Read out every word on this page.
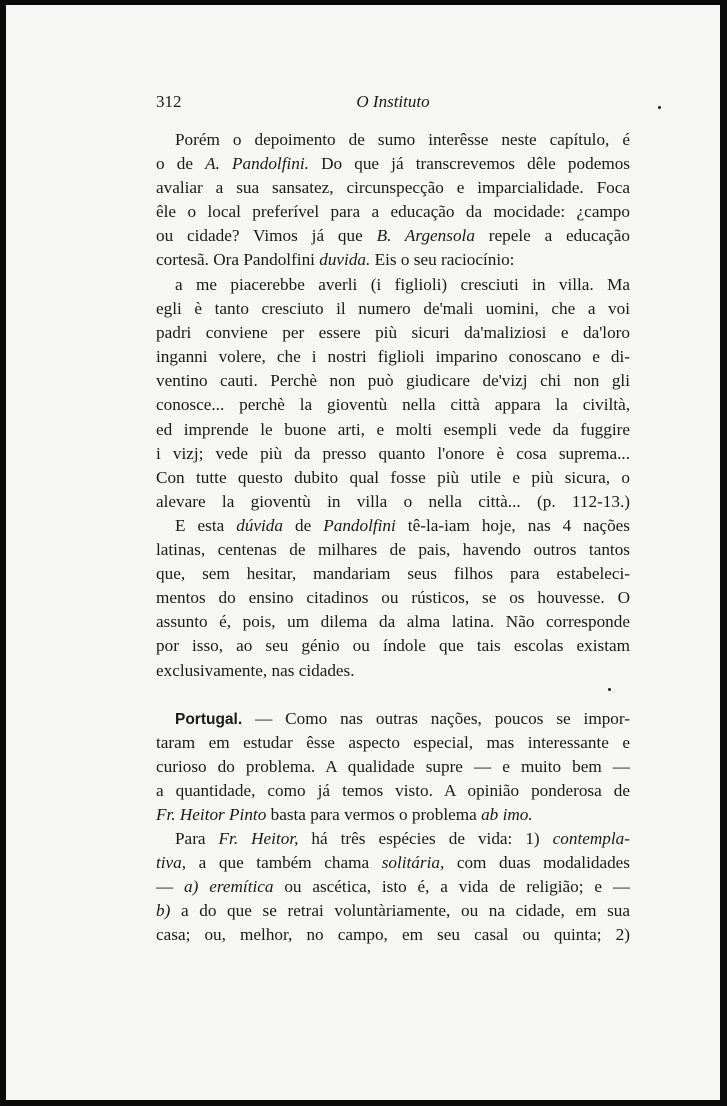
312	O Instituto
Porém o depoimento de sumo interêsse neste capítulo, é
o de A. Pandolfini. Do que já transcrevemos dêle podemos
avaliar a sua sansatez, circunspecção e imparcialidade. Foca
êle o local preferível para a educação da mocidade: ¿campo
ou cidade? Vimos já que B. Argensola repele a educação
cortesã. Ora Pandolfini duvida. Eis o seu raciocínio:
a me piacerebbe averli (i figlioli) cresciuti in villa. Ma
egli è tanto cresciuto il numero de'mali uomini, che a voi
padri conviene per essere più sicuri da'maliziosi e da'loro
inganni volere, che i nostri figlioli imparino conoscano e di-
ventino cauti. Perchè non può giudicare de'vizj chi non gli
conosce... perchè la gioventù nella città appara la civiltà,
ed imprende le buone arti, e molti esempli vede da fuggire
i vizj; vede più da presso quanto l'onore è cosa suprema...
Con tutte questo dubito qual fosse più utile e più sicura, o
alevare la gioventù in villa o nella città... (p. 112-13.)
E esta dúvida de Pandolfini tê-la-iam hoje, nas 4 nações
latinas, centenas de milhares de pais, havendo outros tantos
que, sem hesitar, mandariam seus filhos para estabeleci-
mentos do ensino citadinos ou rústicos, se os houvesse. O
assunto é, pois, um dilema da alma latina. Não corresponde
por isso, ao seu génio ou índole que tais escolas existam
exclusivamente, nas cidades.
Portugal. — Como nas outras nações, poucos se impor-
taram em estudar êsse aspecto especial, mas interessante e
curioso do problema. A qualidade supre — e muito bem —
a quantidade, como já temos visto. A opinião ponderosa de
Fr. Heitor Pinto basta para vermos o problema ab imo.
Para Fr. Heitor, há três espécies de vida: 1) contempla-
tiva, a que também chama solitária, com duas modalidades
— a) eremítica ou ascética, isto é, a vida de religião; e —
b) a do que se retrai voluntàriamente, ou na cidade, em sua
casa; ou, melhor, no campo, em seu casal ou quinta; 2)
